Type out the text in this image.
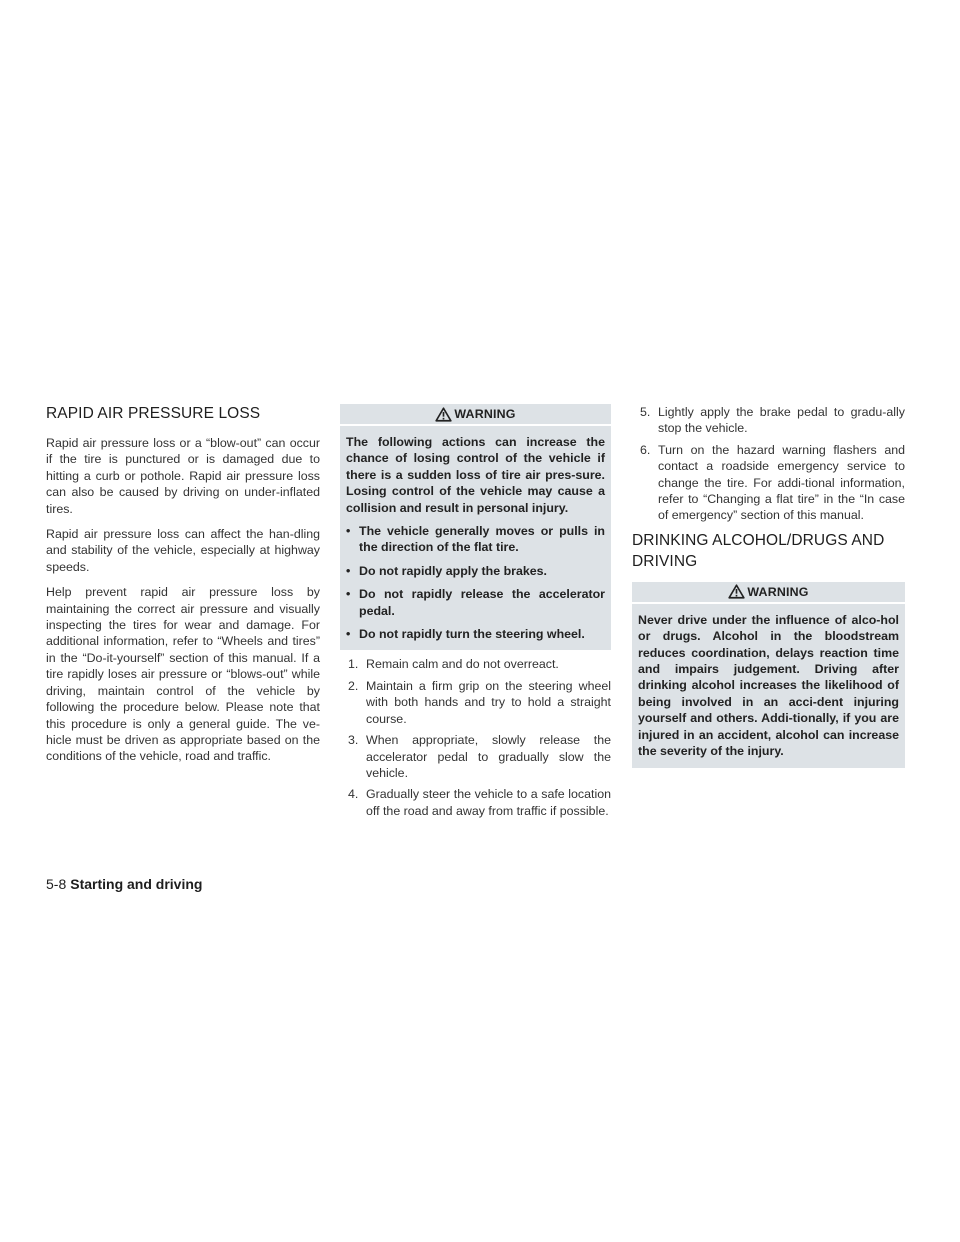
RAPID AIR PRESSURE LOSS

Rapid air pressure loss or a “blow-out” can occur if the tire is punctured or is damaged due to hitting a curb or pothole. Rapid air pressure loss can also be caused by driving on under-inflated tires.

Rapid air pressure loss can affect the han-dling and stability of the vehicle, especially at highway speeds.

Help prevent rapid air pressure loss by maintaining the correct air pressure and visually inspecting the tires for wear and damage. For additional information, refer to “Wheels and tires” in the “Do-it-yourself” section of this manual. If a tire rapidly loses air pressure or “blows-out” while driving, maintain control of the vehicle by following the procedure below. Please note that this procedure is only a general guide. The ve-hicle must be driven as appropriate based on the conditions of the vehicle, road and traffic.

WARNING

The following actions can increase the chance of losing control of the vehicle if there is a sudden loss of tire air pres-sure. Losing control of the vehicle may cause a collision and result in personal injury.

• The vehicle generally moves or pulls in the direction of the flat tire.
• Do not rapidly apply the brakes.
• Do not rapidly release the accelerator pedal.
• Do not rapidly turn the steering wheel.
1. Remain calm and do not overreact.
2. Maintain a firm grip on the steering wheel with both hands and try to hold a straight course.
3. When appropriate, slowly release the accelerator pedal to gradually slow the vehicle.
4. Gradually steer the vehicle to a safe location off the road and away from traffic if possible.
5. Lightly apply the brake pedal to gradu-ally stop the vehicle.
6. Turn on the hazard warning flashers and contact a roadside emergency service to change the tire. For addi-tional information, refer to “Changing a flat tire” in the “In case of emergency” section of this manual.
DRINKING ALCOHOL/DRUGS AND
DRIVING
WARNING

Never drive under the influence of alco-hol or drugs. Alcohol in the bloodstream reduces coordination, delays reaction time and impairs judgement. Driving after drinking alcohol increases the likelihood of being involved in an acci-dent injuring yourself and others. Addi-tionally, if you are injured in an accident, alcohol can increase the severity of the injury.

5-8 Starting and driving
